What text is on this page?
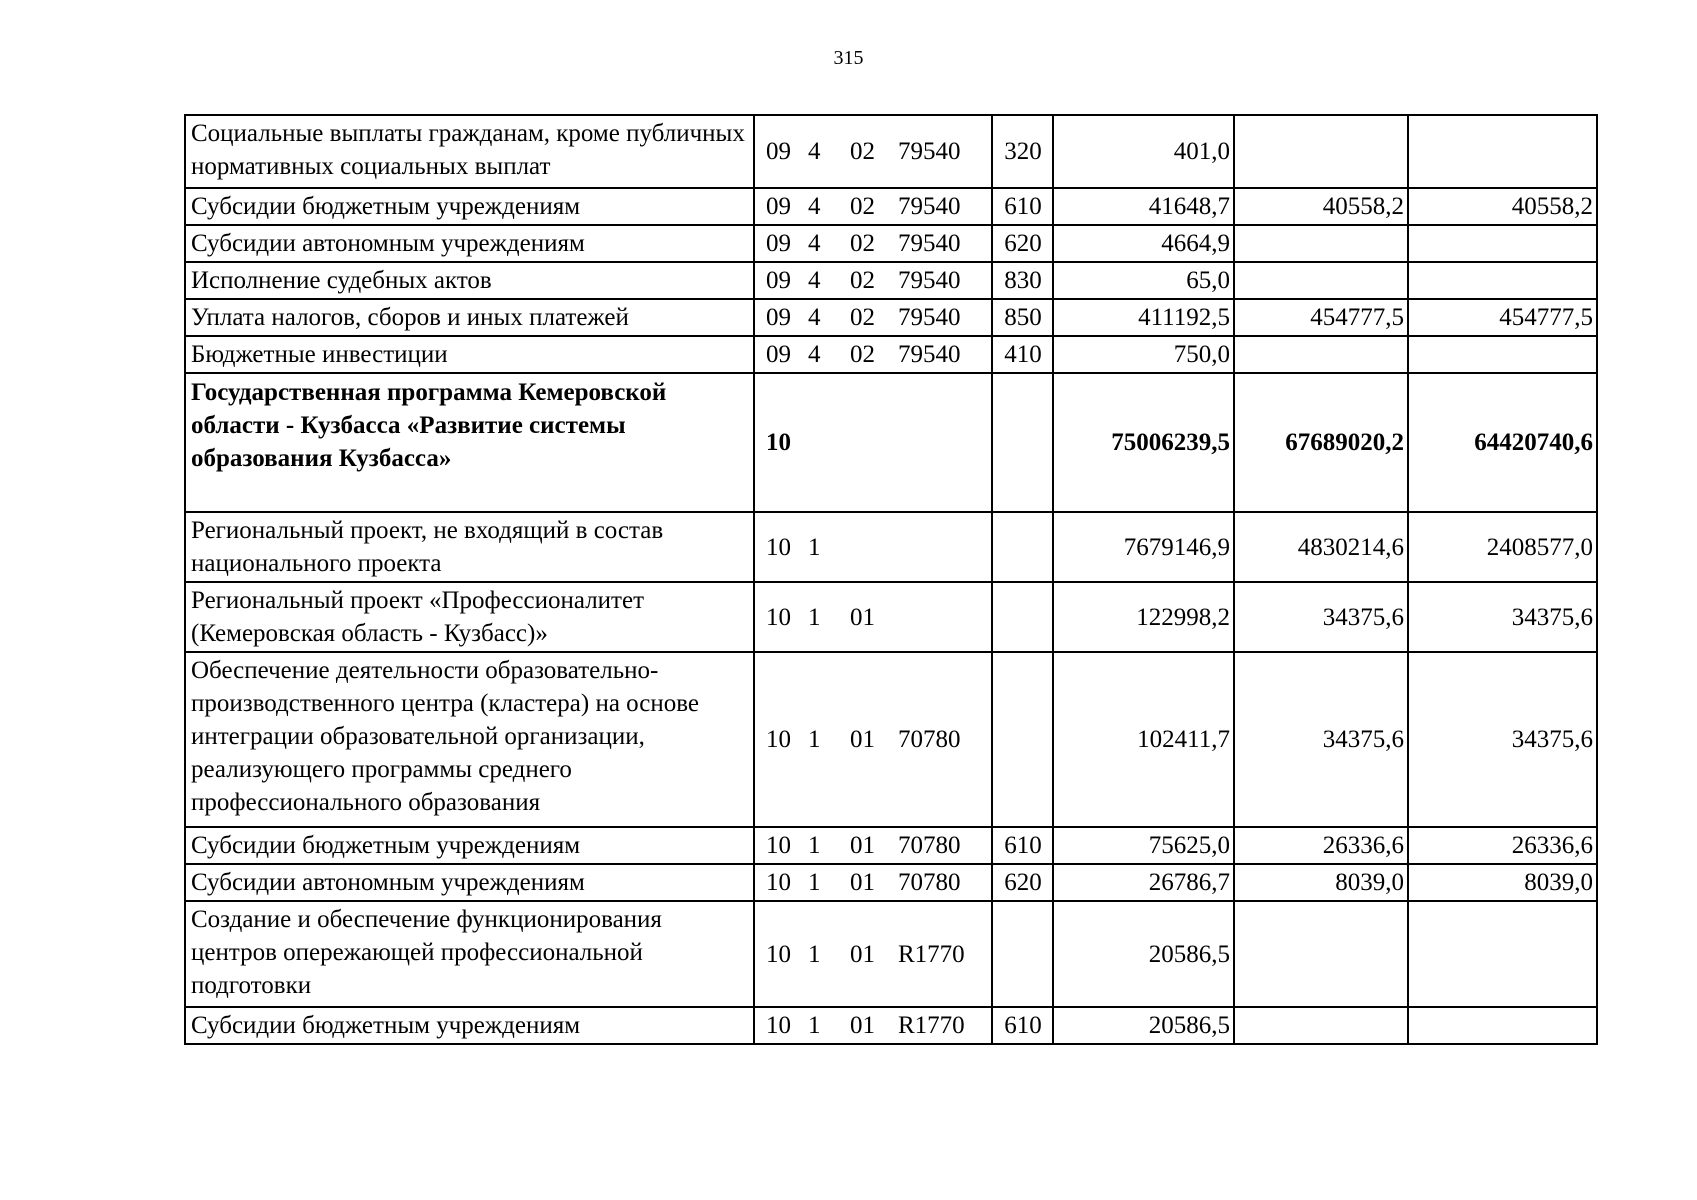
315
Социальные выплаты гражданам, кроме публичных нормативных социальных выплат	09 4 02 79540	320	401,0		
Субсидии бюджетным учреждениям	09 4 02 79540	610	41648,7	40558,2	40558,2
Субсидии автономным учреждениям	09 4 02 79540	620	4664,9		
Исполнение судебных актов	09 4 02 79540	830	65,0		
Уплата налогов, сборов и иных платежей	09 4 02 79540	850	411192,5	454777,5	454777,5
Бюджетные инвестиции	09 4 02 79540	410	750,0		
Государственная программа Кемеровской области - Кузбасса «Развитие системы образования Кузбасса»	10		75006239,5	67689020,2	64420740,6
Региональный проект, не входящий в состав национального проекта	10 1		7679146,9	4830214,6	2408577,0
Региональный проект «Профессионалитет (Кемеровская область - Кузбасс)»	10 1 01		122998,2	34375,6	34375,6
Обеспечение деятельности образовательно-производственного центра (кластера) на основе интеграции образовательной организации, реализующего программы среднего профессионального образования	10 1 01 70780		102411,7	34375,6	34375,6
Субсидии бюджетным учреждениям	10 1 01 70780	610	75625,0	26336,6	26336,6
Субсидии автономным учреждениям	10 1 01 70780	620	26786,7	8039,0	8039,0
Создание и обеспечение функционирования центров опережающей профессиональной подготовки	10 1 01 R1770		20586,5		
Субсидии бюджетным учреждениям	10 1 01 R1770	610	20586,5		
